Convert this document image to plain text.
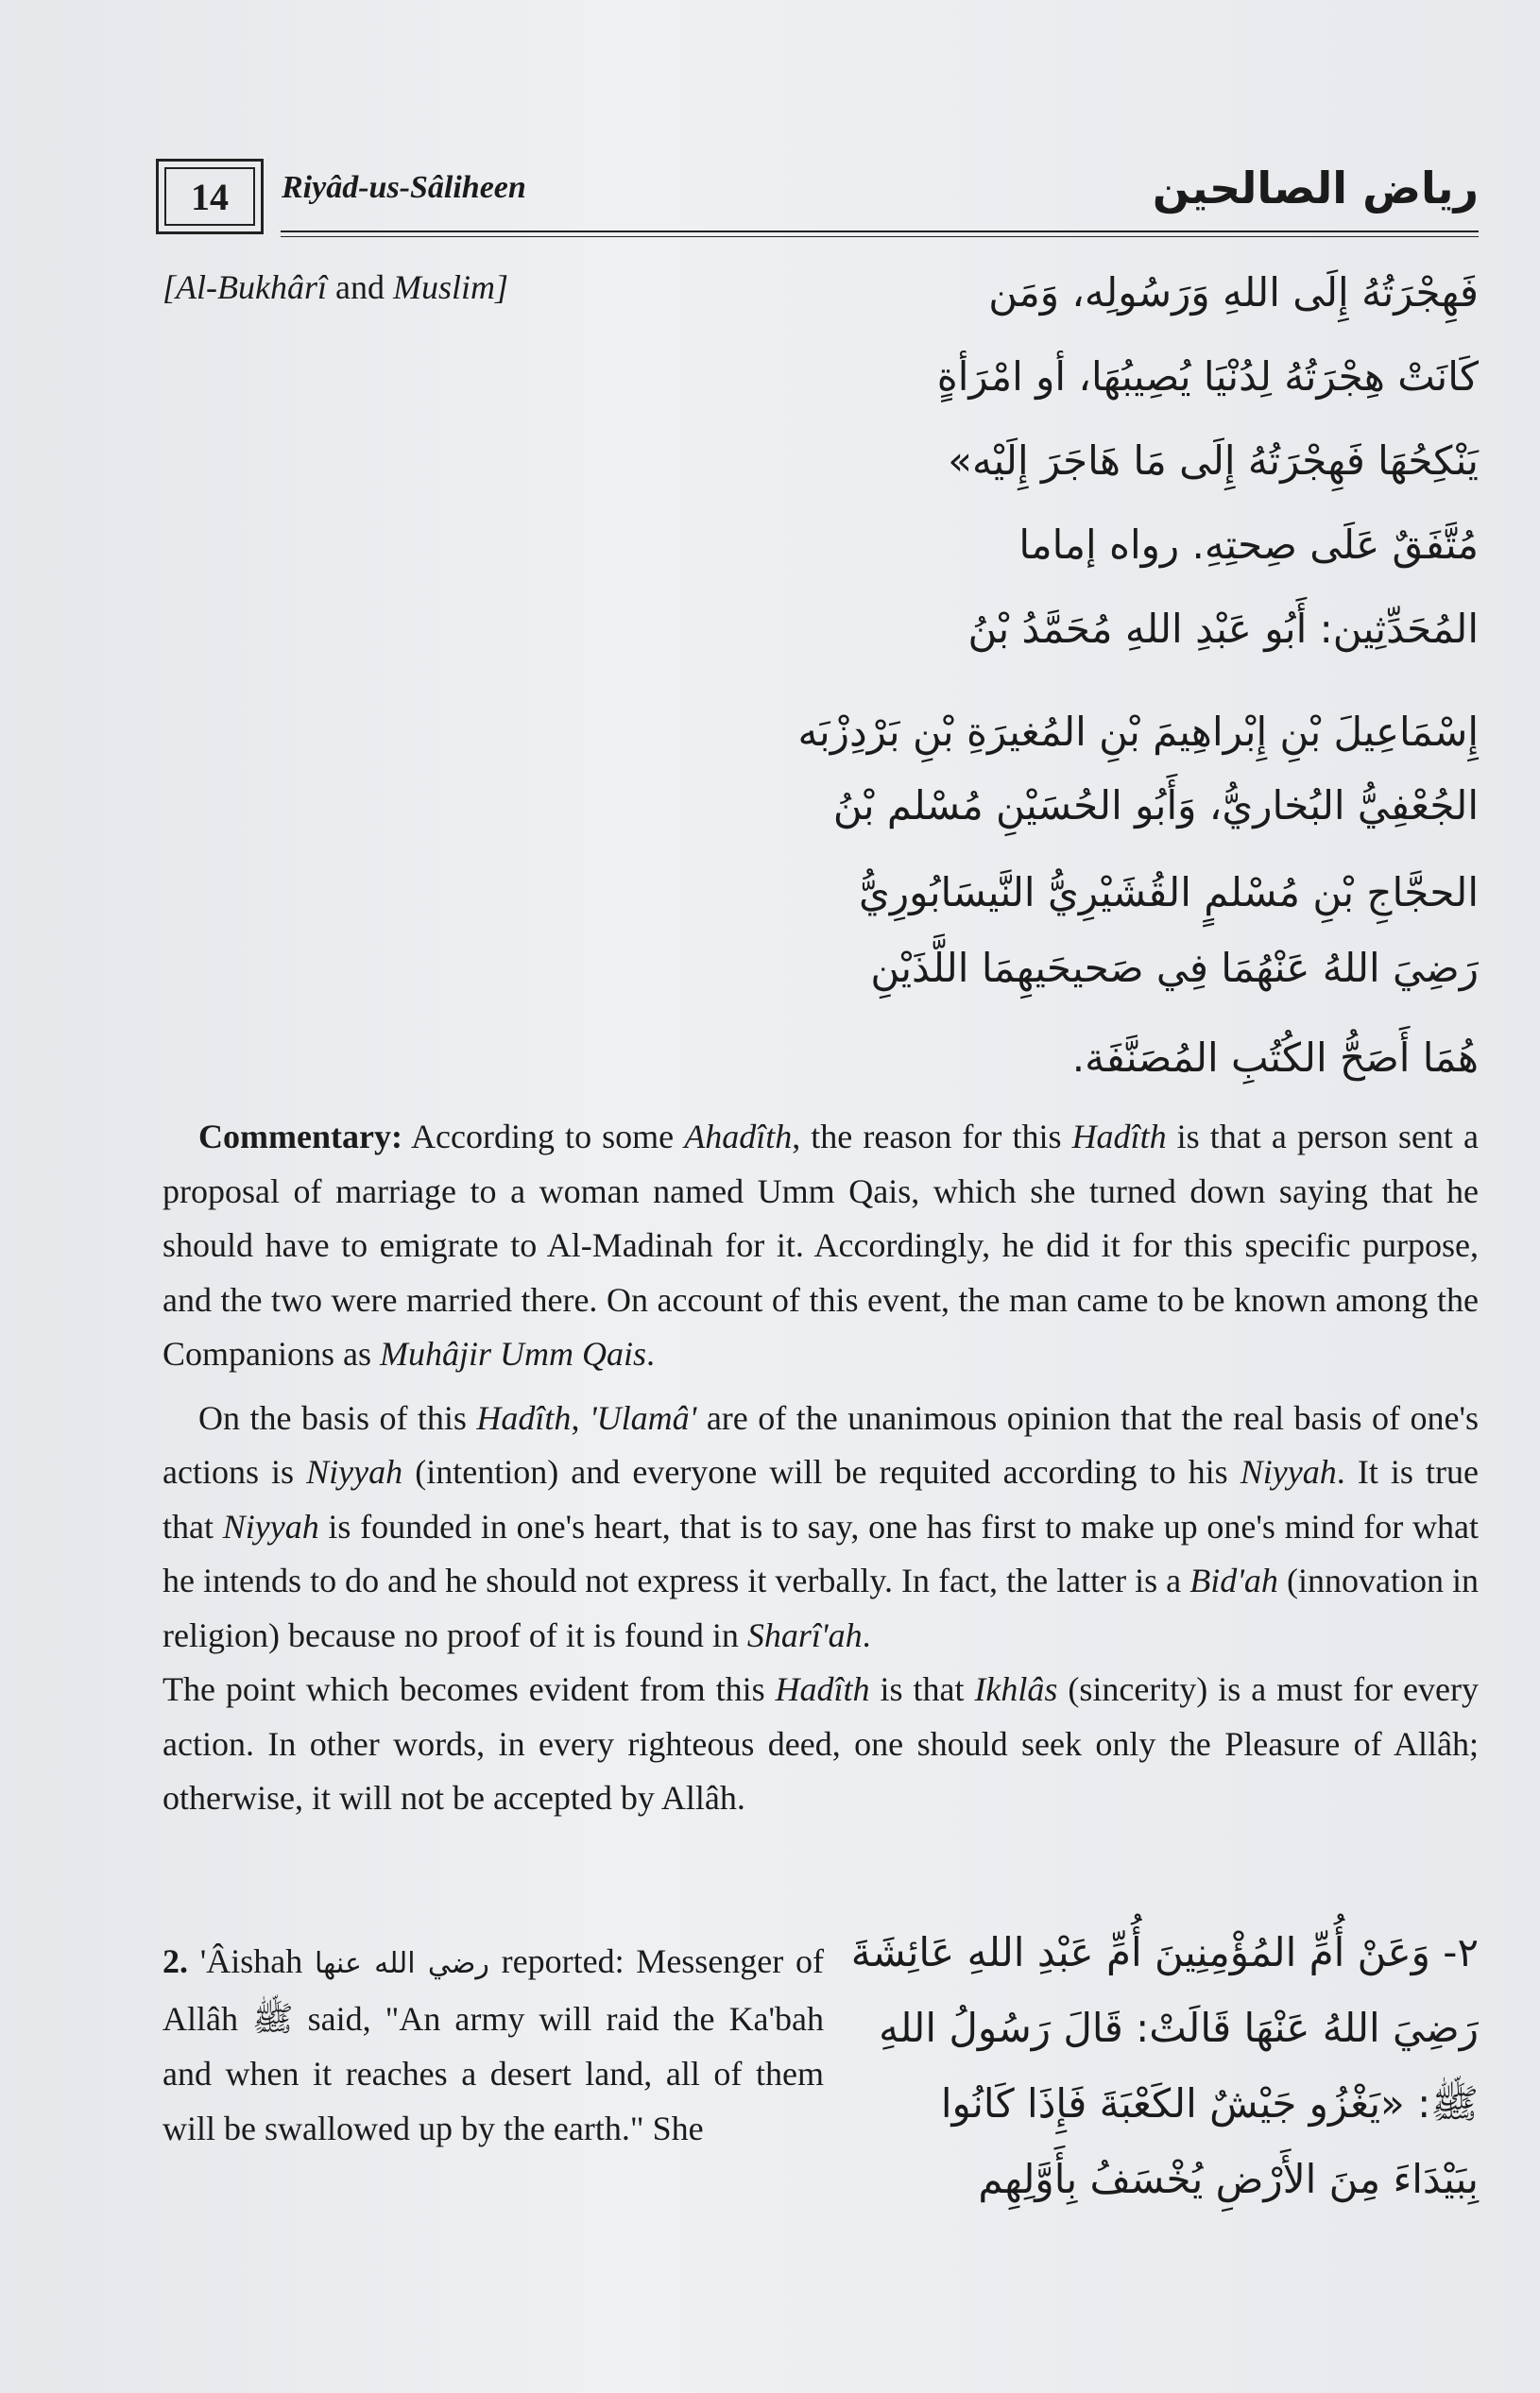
14	Riyâd-us-Sâliheen	رياض الصالحين
[Al-Bukhârî and Muslim]	فَهِجْرَتُهُ إِلَى اللهِ وَرَسُولِه، وَمَن
كَانَتْ هِجْرَتُهُ لِدُنْيَا يُصِيبُهَا، أو امْرَأةٍ
يَنْكِحُهَا فَهِجْرَتُهُ إِلَى مَا هَاجَرَ إِلَيْه»
مُتَّفَقٌ عَلَى صِحتِهِ. رواه إماما
المُحَدِّثِين: أَبُو عَبْدِ اللهِ مُحَمَّدُ بْنُ
إِسْمَاعِيلَ بْنِ إِبْراهِيمَ بْنِ المُغيرَةِ بْنِ بَرْدِزْبَه
الجُعْفِيُّ البُخاريُّ، وَأَبُو الحُسَيْنِ مُسْلم بْنُ
الحجَّاجِ بْنِ مُسْلمٍ القُشَيْرِيُّ النَّيسَابُورِيُّ
رَضِيَ اللهُ عَنْهُمَا فِي صَحيحَيهِمَا اللَّذَيْنِ
هُمَا أَصَحُّ الكُتُبِ المُصَنَّفَة.

Commentary: According to some Ahadîth, the reason for this Hadîth is that a person sent a proposal of marriage to a woman named Umm Qais, which she turned down saying that he should have to emigrate to Al-Madinah for it. Accordingly, he did it for this specific purpose, and the two were married there. On account of this event, the man came to be known among the Companions as Muhâjir Umm Qais.

On the basis of this Hadîth, 'Ulamâ' are of the unanimous opinion that the real basis of one's actions is Niyyah (intention) and everyone will be requited according to his Niyyah. It is true that Niyyah is founded in one's heart, that is to say, one has first to make up one's mind for what he intends to do and he should not express it verbally. In fact, the latter is a Bid'ah (innovation in religion) because no proof of it is found in Sharî'ah.

The point which becomes evident from this Hadîth is that Ikhlâs (sincerity) is a must for every action. In other words, in every righteous deed, one should seek only the Pleasure of Allâh; otherwise, it will not be accepted by Allâh.

2. 'Âishah رضي الله عنها reported: Messenger of Allâh ﷺ said, "An army will raid the Ka'bah and when it reaches a desert land, all of them will be swallowed up by the earth." She
٢- وَعَنْ أُمِّ المُؤْمِنِينَ أُمِّ عَبْدِ اللهِ عَائِشَةَ
رَضِيَ اللهُ عَنْهَا قَالَتْ: قَالَ رَسُولُ اللهِ
ﷺ: «يَغْزُو جَيْشٌ الكَعْبَةَ فَإِذَا كَانُوا
بِبَيْدَاءَ مِنَ الأَرْضِ يُخْسَفُ بِأَوَّلِهِم
